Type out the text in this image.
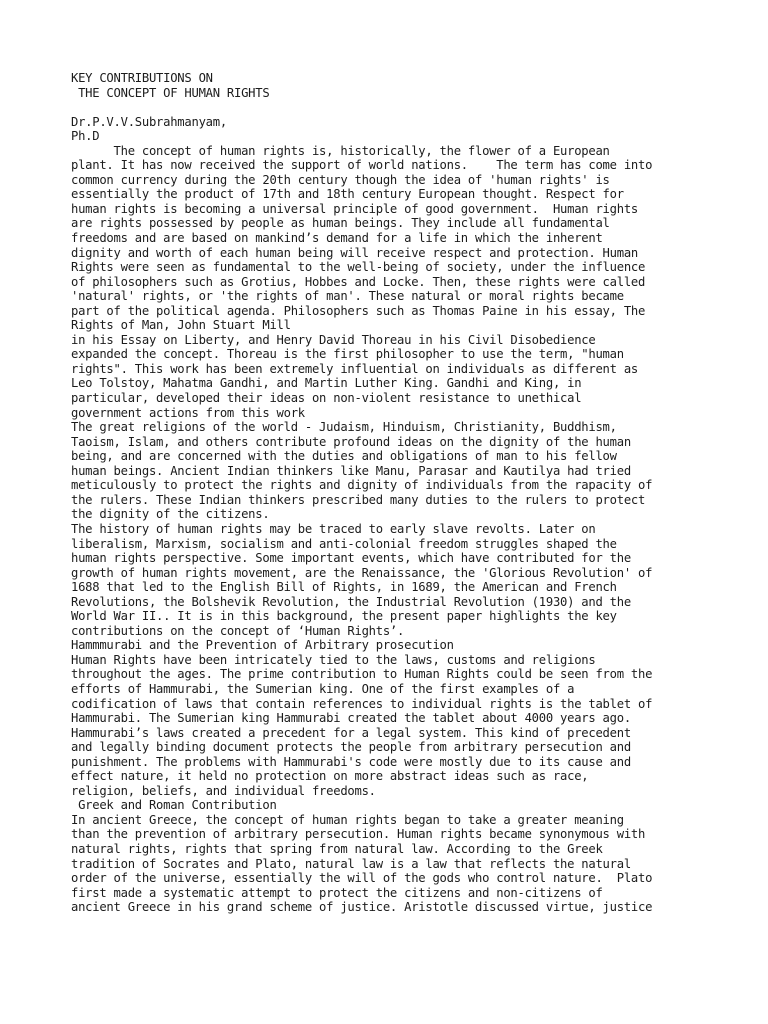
KEY CONTRIBUTIONS ON
THE CONCEPT OF HUMAN RIGHTS
Dr.P.V.V.Subrahmanyam,
Ph.D
The concept of human rights is, historically, the flower of a European
plant. It has now received the support of world nations.    The term has come into
common currency during the 20th century though the idea of 'human rights' is
essentially the product of 17th and 18th century European thought. Respect for
human rights is becoming a universal principle of good government.  Human rights
are rights possessed by people as human beings. They include all fundamental
freedoms and are based on mankind’s demand for a life in which the inherent
dignity and worth of each human being will receive respect and protection. Human
Rights were seen as fundamental to the well-being of society, under the influence
of philosophers such as Grotius, Hobbes and Locke. Then, these rights were called
'natural' rights, or 'the rights of man'. These natural or moral rights became
part of the political agenda. Philosophers such as Thomas Paine in his essay, The
Rights of Man, John Stuart Mill
in his Essay on Liberty, and Henry David Thoreau in his Civil Disobedience
expanded the concept. Thoreau is the first philosopher to use the term, "human
rights". This work has been extremely influential on individuals as different as
Leo Tolstoy, Mahatma Gandhi, and Martin Luther King. Gandhi and King, in
particular, developed their ideas on non-violent resistance to unethical
government actions from this work
The great religions of the world - Judaism, Hinduism, Christianity, Buddhism,
Taoism, Islam, and others contribute profound ideas on the dignity of the human
being, and are concerned with the duties and obligations of man to his fellow
human beings. Ancient Indian thinkers like Manu, Parasar and Kautilya had tried
meticulously to protect the rights and dignity of individuals from the rapacity of
the rulers. These Indian thinkers prescribed many duties to the rulers to protect
the dignity of the citizens.
The history of human rights may be traced to early slave revolts. Later on
liberalism, Marxism, socialism and anti-colonial freedom struggles shaped the
human rights perspective. Some important events, which have contributed for the
growth of human rights movement, are the Renaissance, the 'Glorious Revolution' of
1688 that led to the English Bill of Rights, in 1689, the American and French
Revolutions, the Bolshevik Revolution, the Industrial Revolution (1930) and the
World War II.. It is in this background, the present paper highlights the key
contributions on the concept of ‘Human Rights’.
Hammmurabi and the Prevention of Arbitrary prosecution
Human Rights have been intricately tied to the laws, customs and religions
throughout the ages. The prime contribution to Human Rights could be seen from the
efforts of Hammurabi, the Sumerian king. One of the first examples of a
codification of laws that contain references to individual rights is the tablet of
Hammurabi. The Sumerian king Hammurabi created the tablet about 4000 years ago.
Hammurabi’s laws created a precedent for a legal system. This kind of precedent
and legally binding document protects the people from arbitrary persecution and
punishment. The problems with Hammurabi's code were mostly due to its cause and
effect nature, it held no protection on more abstract ideas such as race,
religion, beliefs, and individual freedoms.
Greek and Roman Contribution
In ancient Greece, the concept of human rights began to take a greater meaning
than the prevention of arbitrary persecution. Human rights became synonymous with
natural rights, rights that spring from natural law. According to the Greek
tradition of Socrates and Plato, natural law is a law that reflects the natural
order of the universe, essentially the will of the gods who control nature.  Plato
first made a systematic attempt to protect the citizens and non-citizens of
ancient Greece in his grand scheme of justice. Aristotle discussed virtue, justice
